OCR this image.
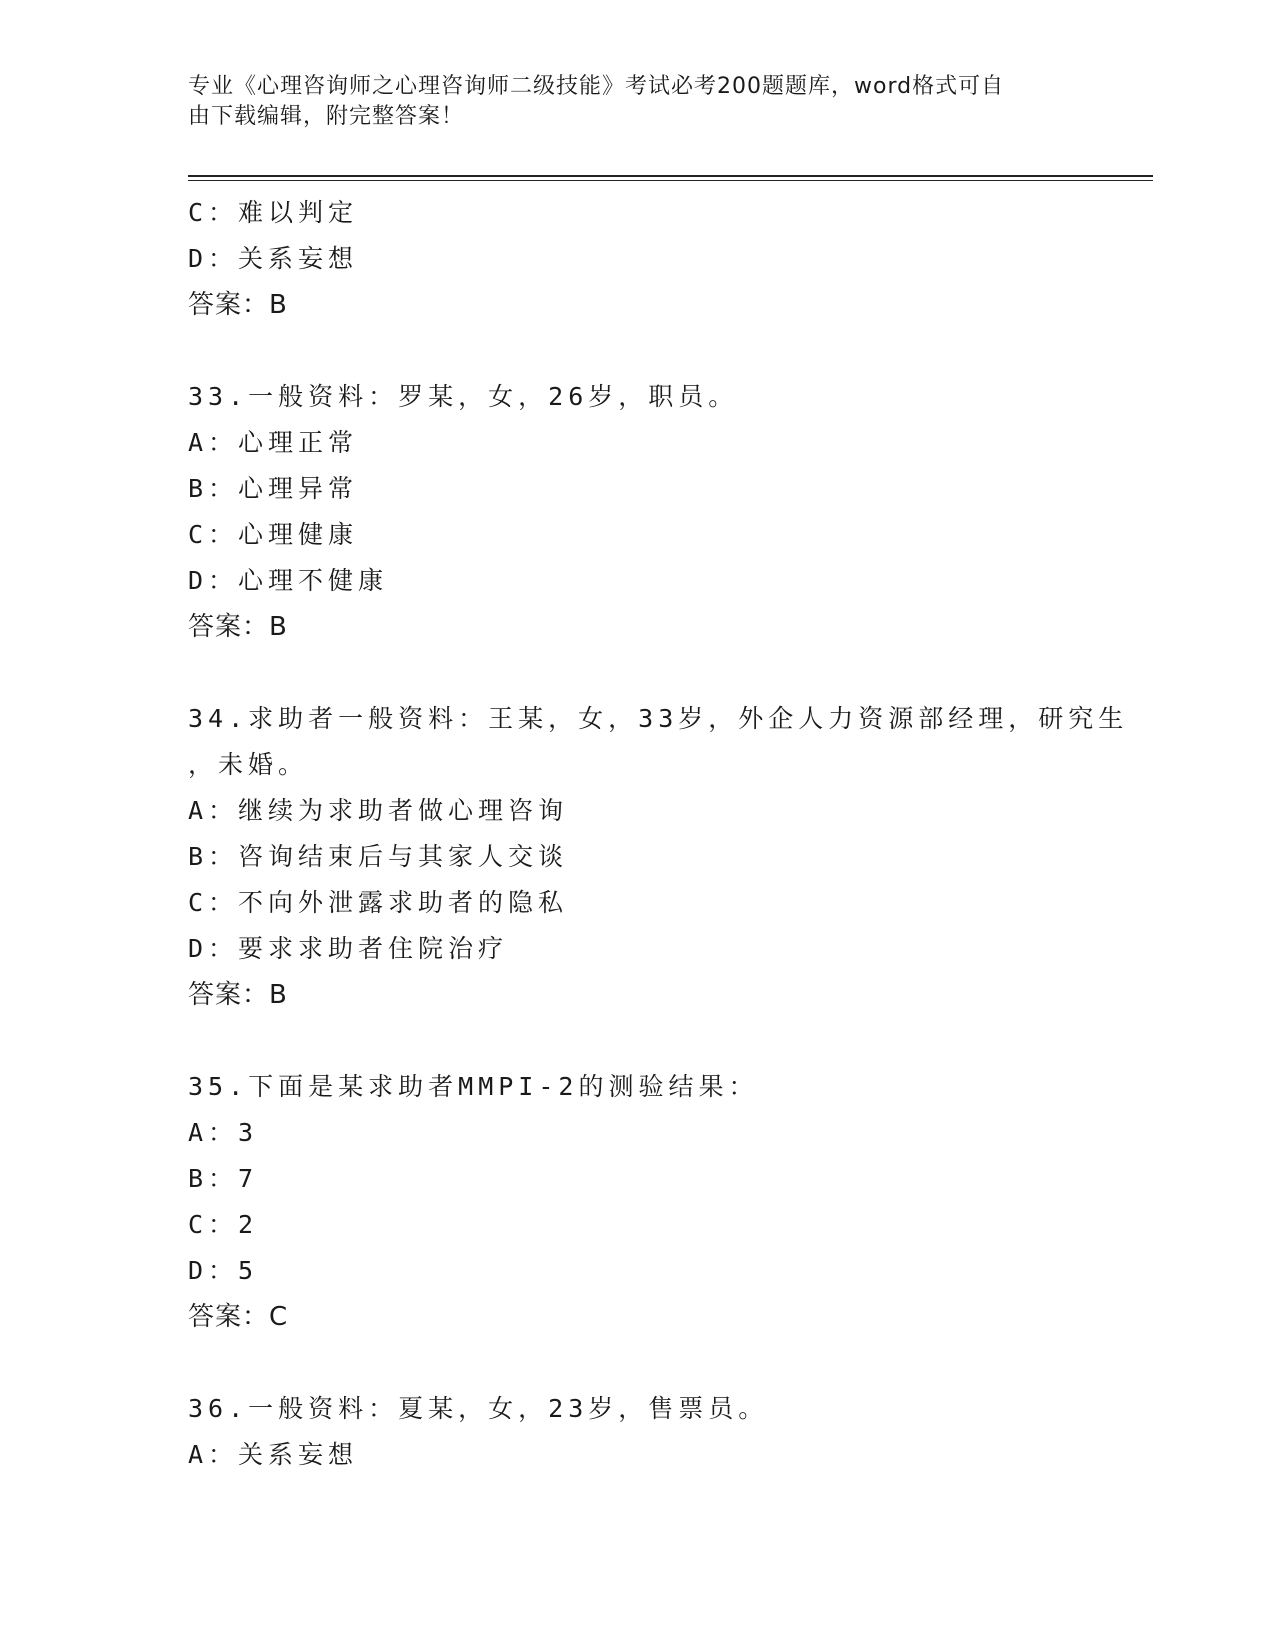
专业《心理咨询师之心理咨询师二级技能》考试必考200题题库，word格式可自
由下载编辑，附完整答案！
C：难以判定
D：关系妄想
答案：B
33.一般资料：罗某，女，26岁，职员。
A：心理正常
B：心理异常
C：心理健康
D：心理不健康
答案：B
34.求助者一般资料：王某，女，33岁，外企人力资源部经理，研究生
，未婚。
A：继续为求助者做心理咨询
B：咨询结束后与其家人交谈
C：不向外泄露求助者的隐私
D：要求求助者住院治疗
答案：B
35.下面是某求助者MMPI-2的测验结果：
A：3
B：7
C：2
D：5
答案：C
36.一般资料：夏某，女，23岁，售票员。
A：关系妄想
